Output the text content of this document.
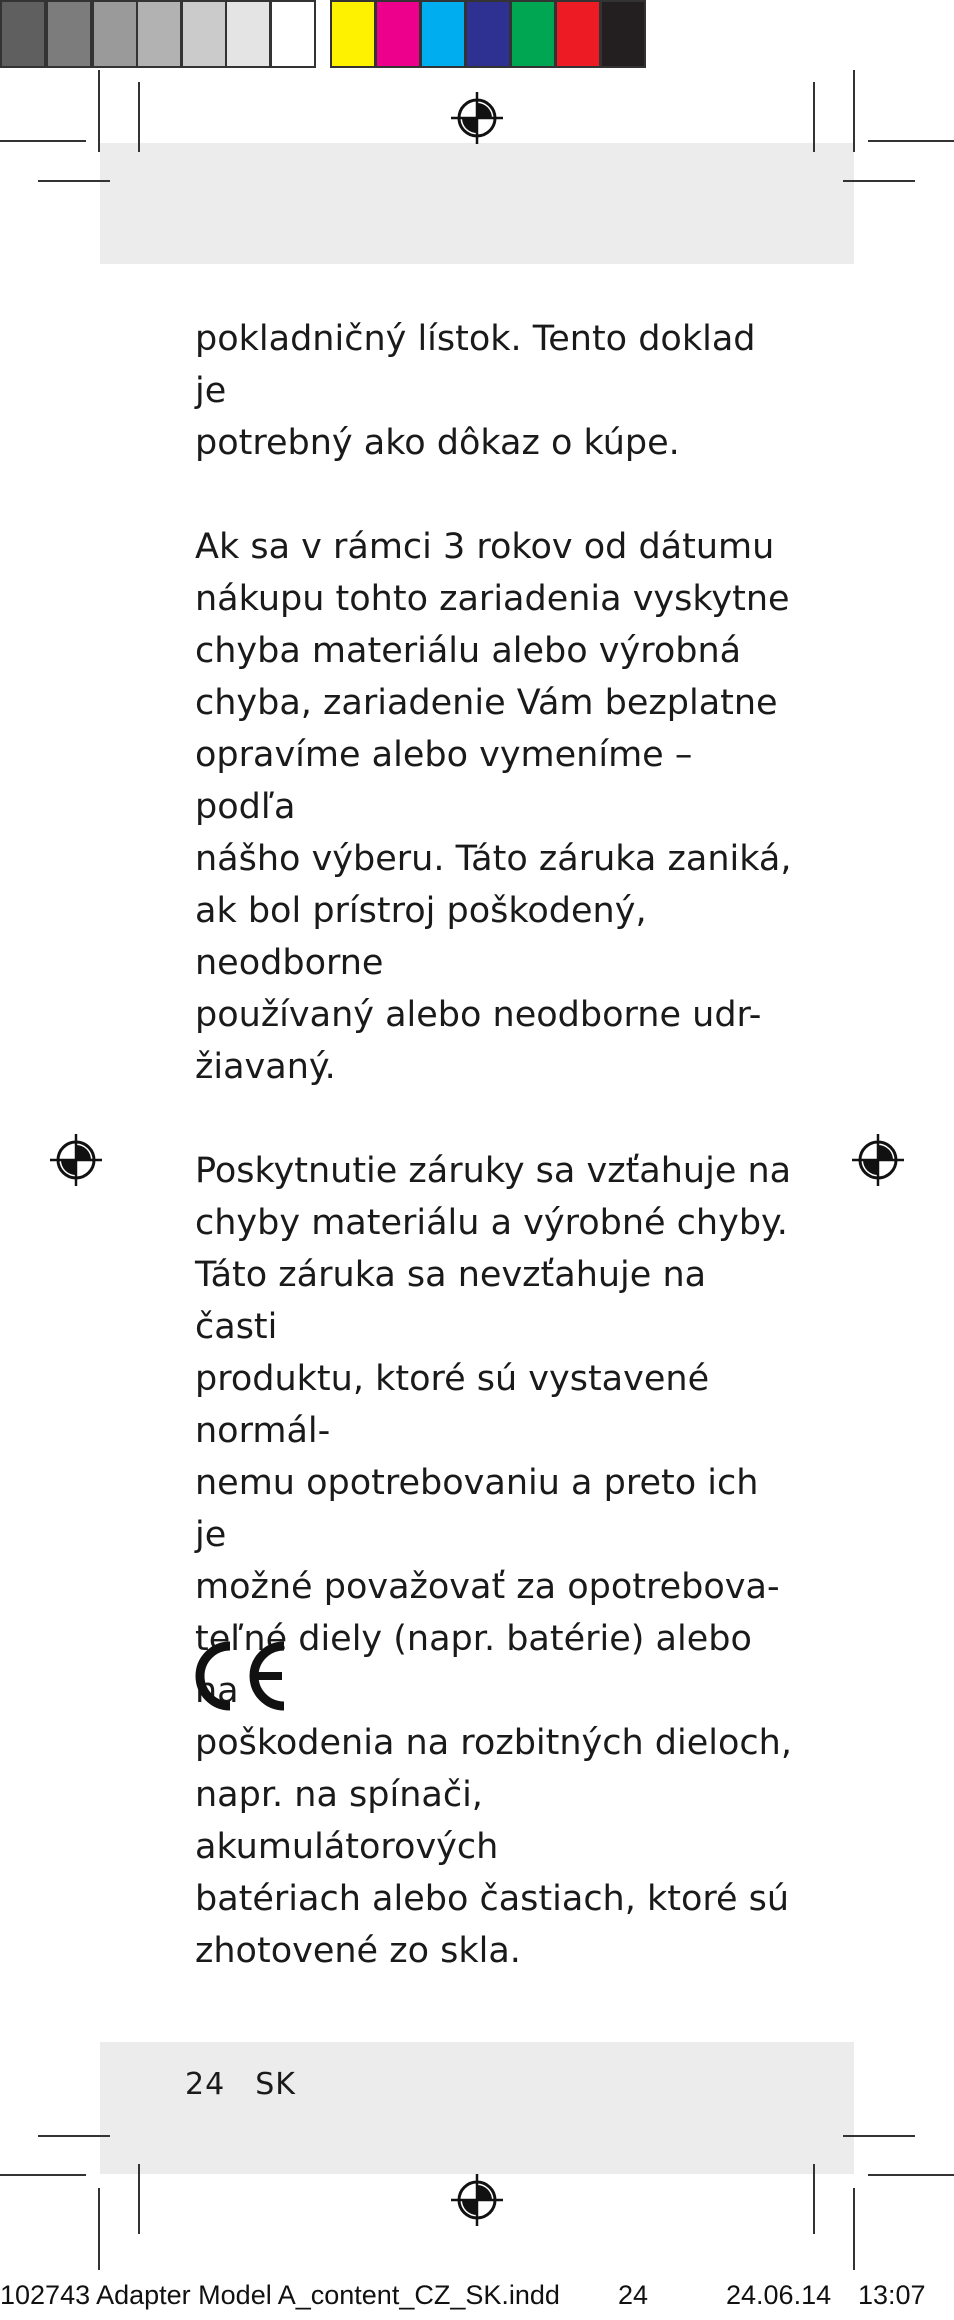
pokladničný lístok. Tento doklad je
potrebný ako dôkaz o kúpe.

Ak sa v rámci 3 rokov od dátumu
nákupu tohto zariadenia vyskytne
chyba materiálu alebo výrobná
chyba, zariadenie Vám bezplatne
opravíme alebo vymeníme – podľa
nášho výberu. Táto záruka zaniká,
ak bol prístroj poškodený, neodborne
používaný alebo neodborne udr-
žiavaný.

Poskytnutie záruky sa vzťahuje na
chyby materiálu a výrobné chyby.
Táto záruka sa nevzťahuje na časti
produktu, ktoré sú vystavené normál-
nemu opotrebovaniu a preto ich je
možné považovať za opotrebova-
teľné diely (napr. batérie) alebo na
poškodenia na rozbitných dieloch,
napr. na spínači, akumulátorových
batériach alebo častiach, ktoré sú
zhotovené zo skla.

24 SK
102743 Adapter Model A_content_CZ_SK.indd 24	24.06.14 13:07
